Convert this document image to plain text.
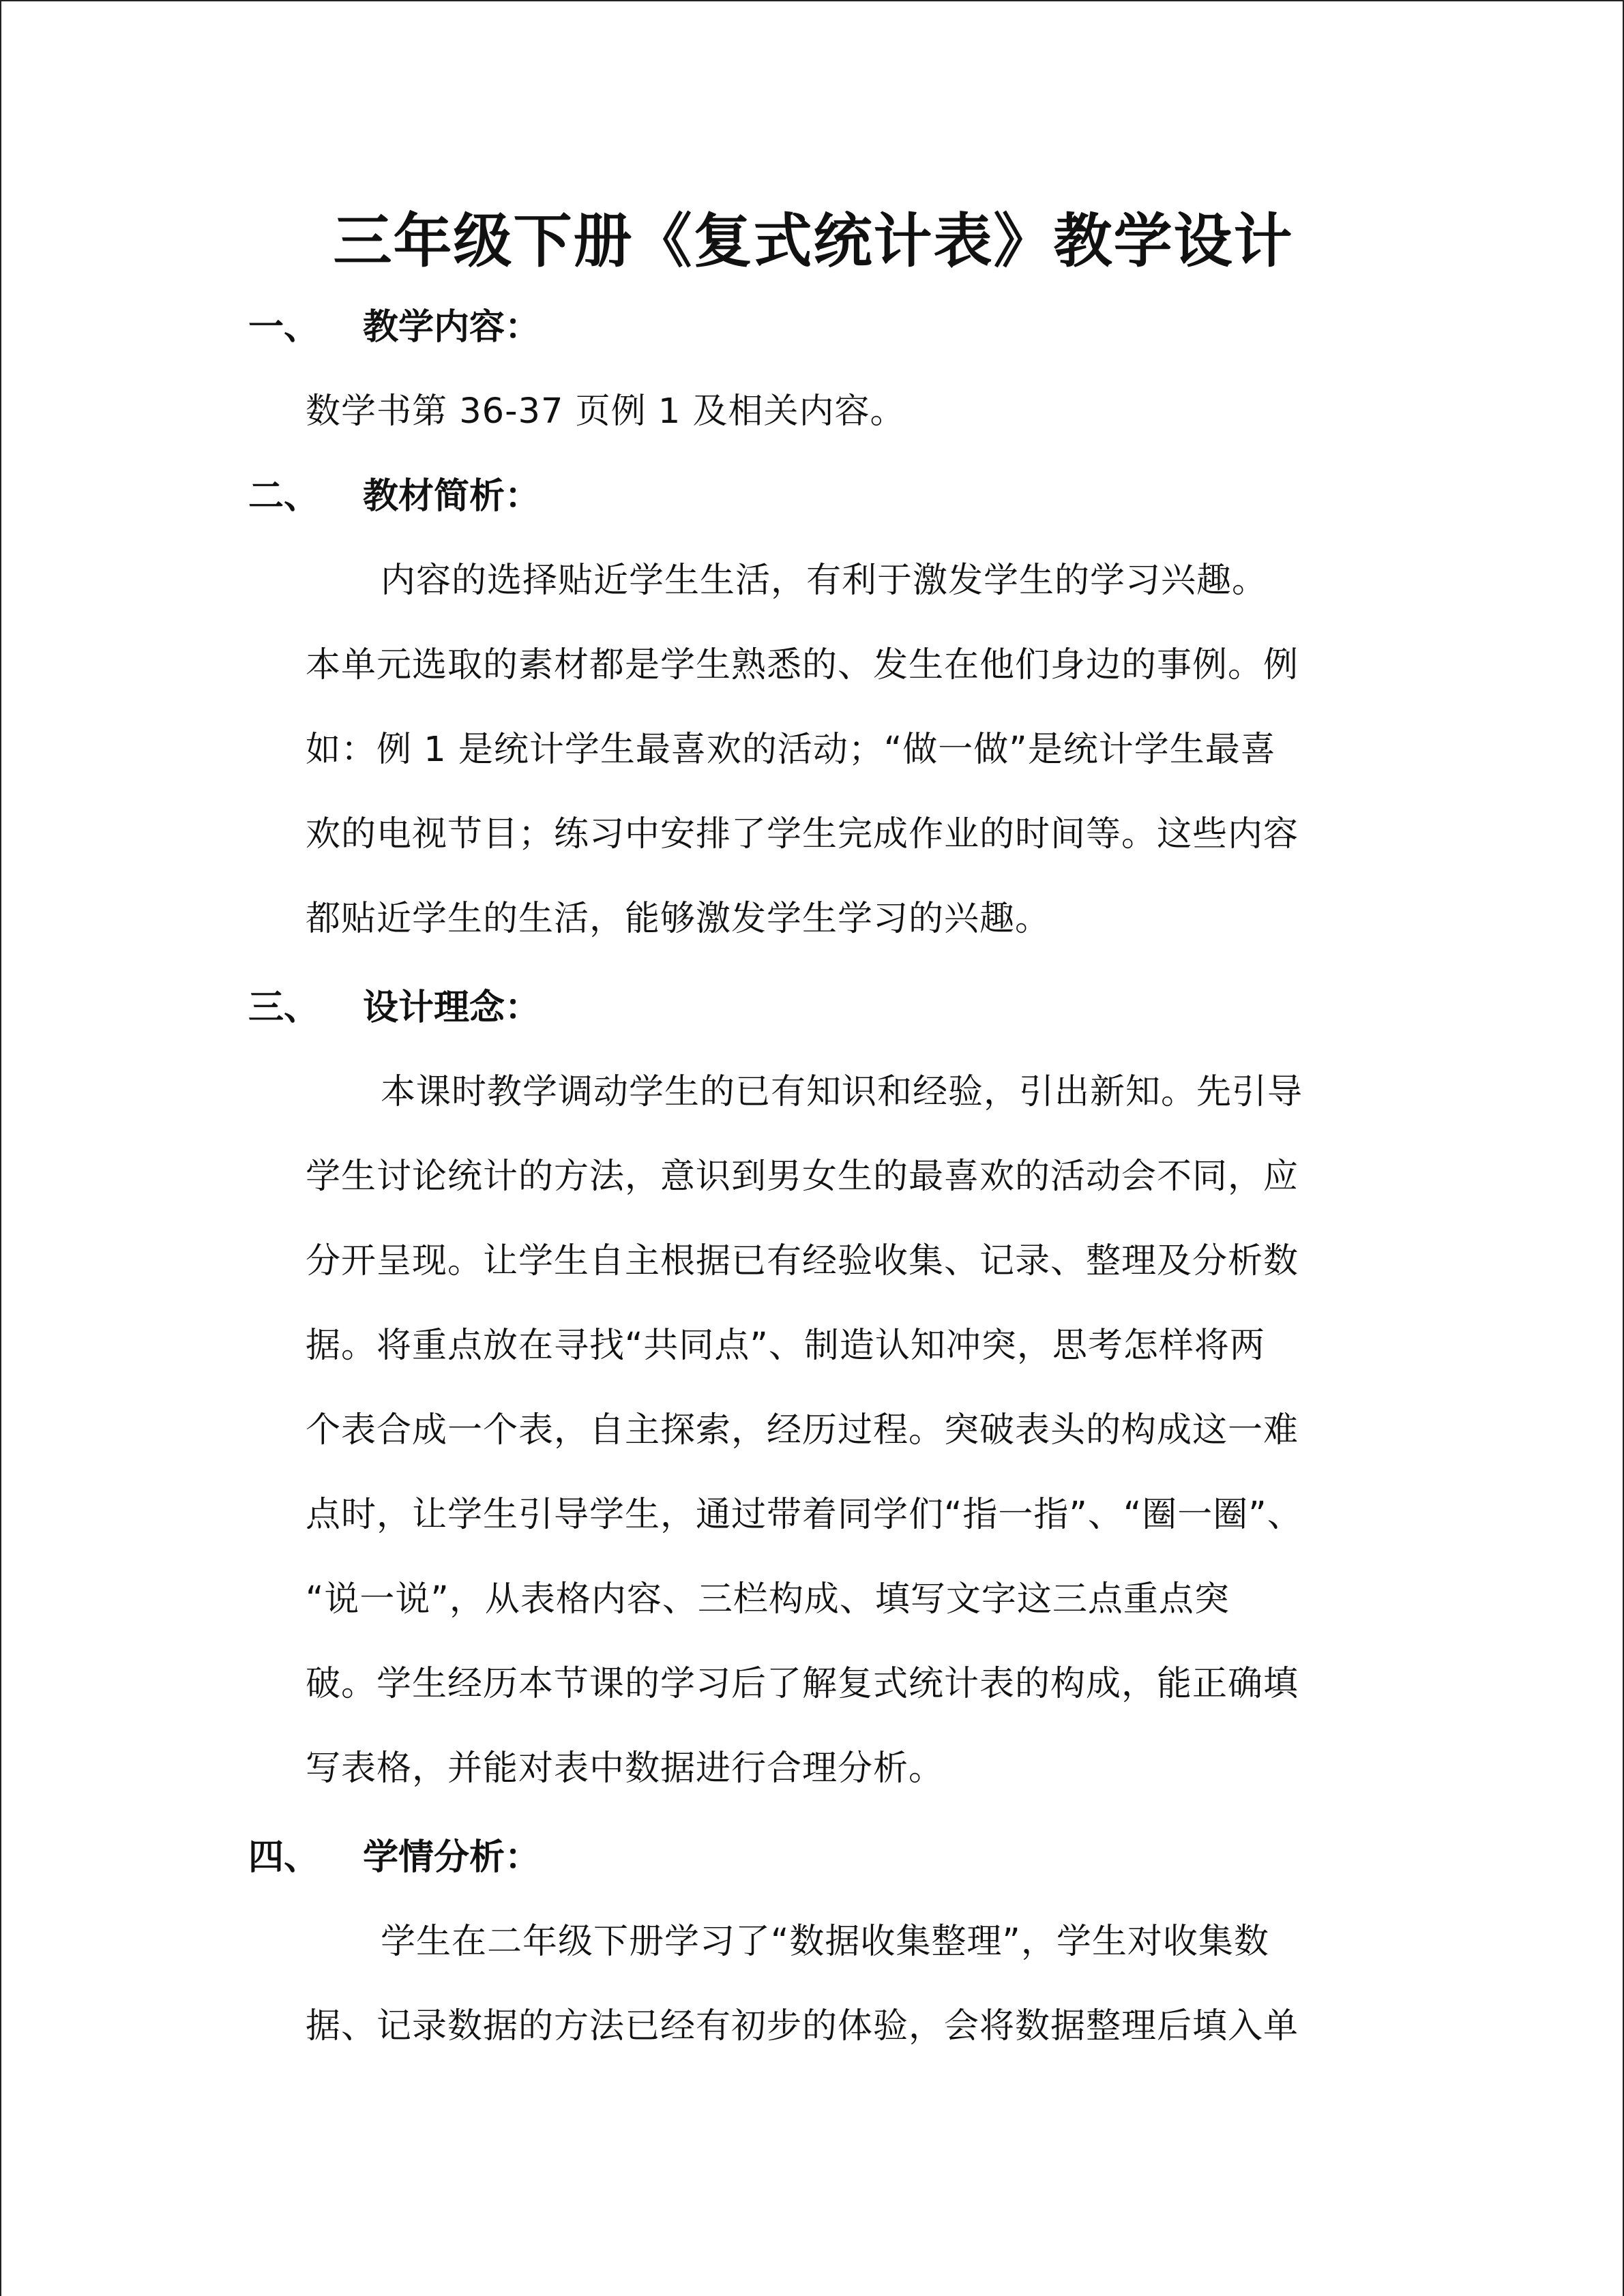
三年级下册《复式统计表》教学设计
一、 教学内容：
数学书第 36-37 页例 1 及相关内容。
二、 教材简析：
内容的选择贴近学生生活，有利于激发学生的学习兴趣。
本单元选取的素材都是学生熟悉的、发生在他们身边的事例。例
如：例 1 是统计学生最喜欢的活动；“做一做”是统计学生最喜
欢的电视节目；练习中安排了学生完成作业的时间等。这些内容
都贴近学生的生活，能够激发学生学习的兴趣。
三、 设计理念：
本课时教学调动学生的已有知识和经验，引出新知。先引导
学生讨论统计的方法，意识到男女生的最喜欢的活动会不同，应
分开呈现。让学生自主根据已有经验收集、记录、整理及分析数
据。将重点放在寻找“共同点”、制造认知冲突，思考怎样将两
个表合成一个表，自主探索，经历过程。突破表头的构成这一难
点时，让学生引导学生，通过带着同学们“指一指”、“圈一圈”、
“说一说”，从表格内容、三栏构成、填写文字这三点重点突
破。学生经历本节课的学习后了解复式统计表的构成，能正确填
写表格，并能对表中数据进行合理分析。
四、 学情分析：
学生在二年级下册学习了“数据收集整理”，学生对收集数
据、记录数据的方法已经有初步的体验，会将数据整理后填入单
